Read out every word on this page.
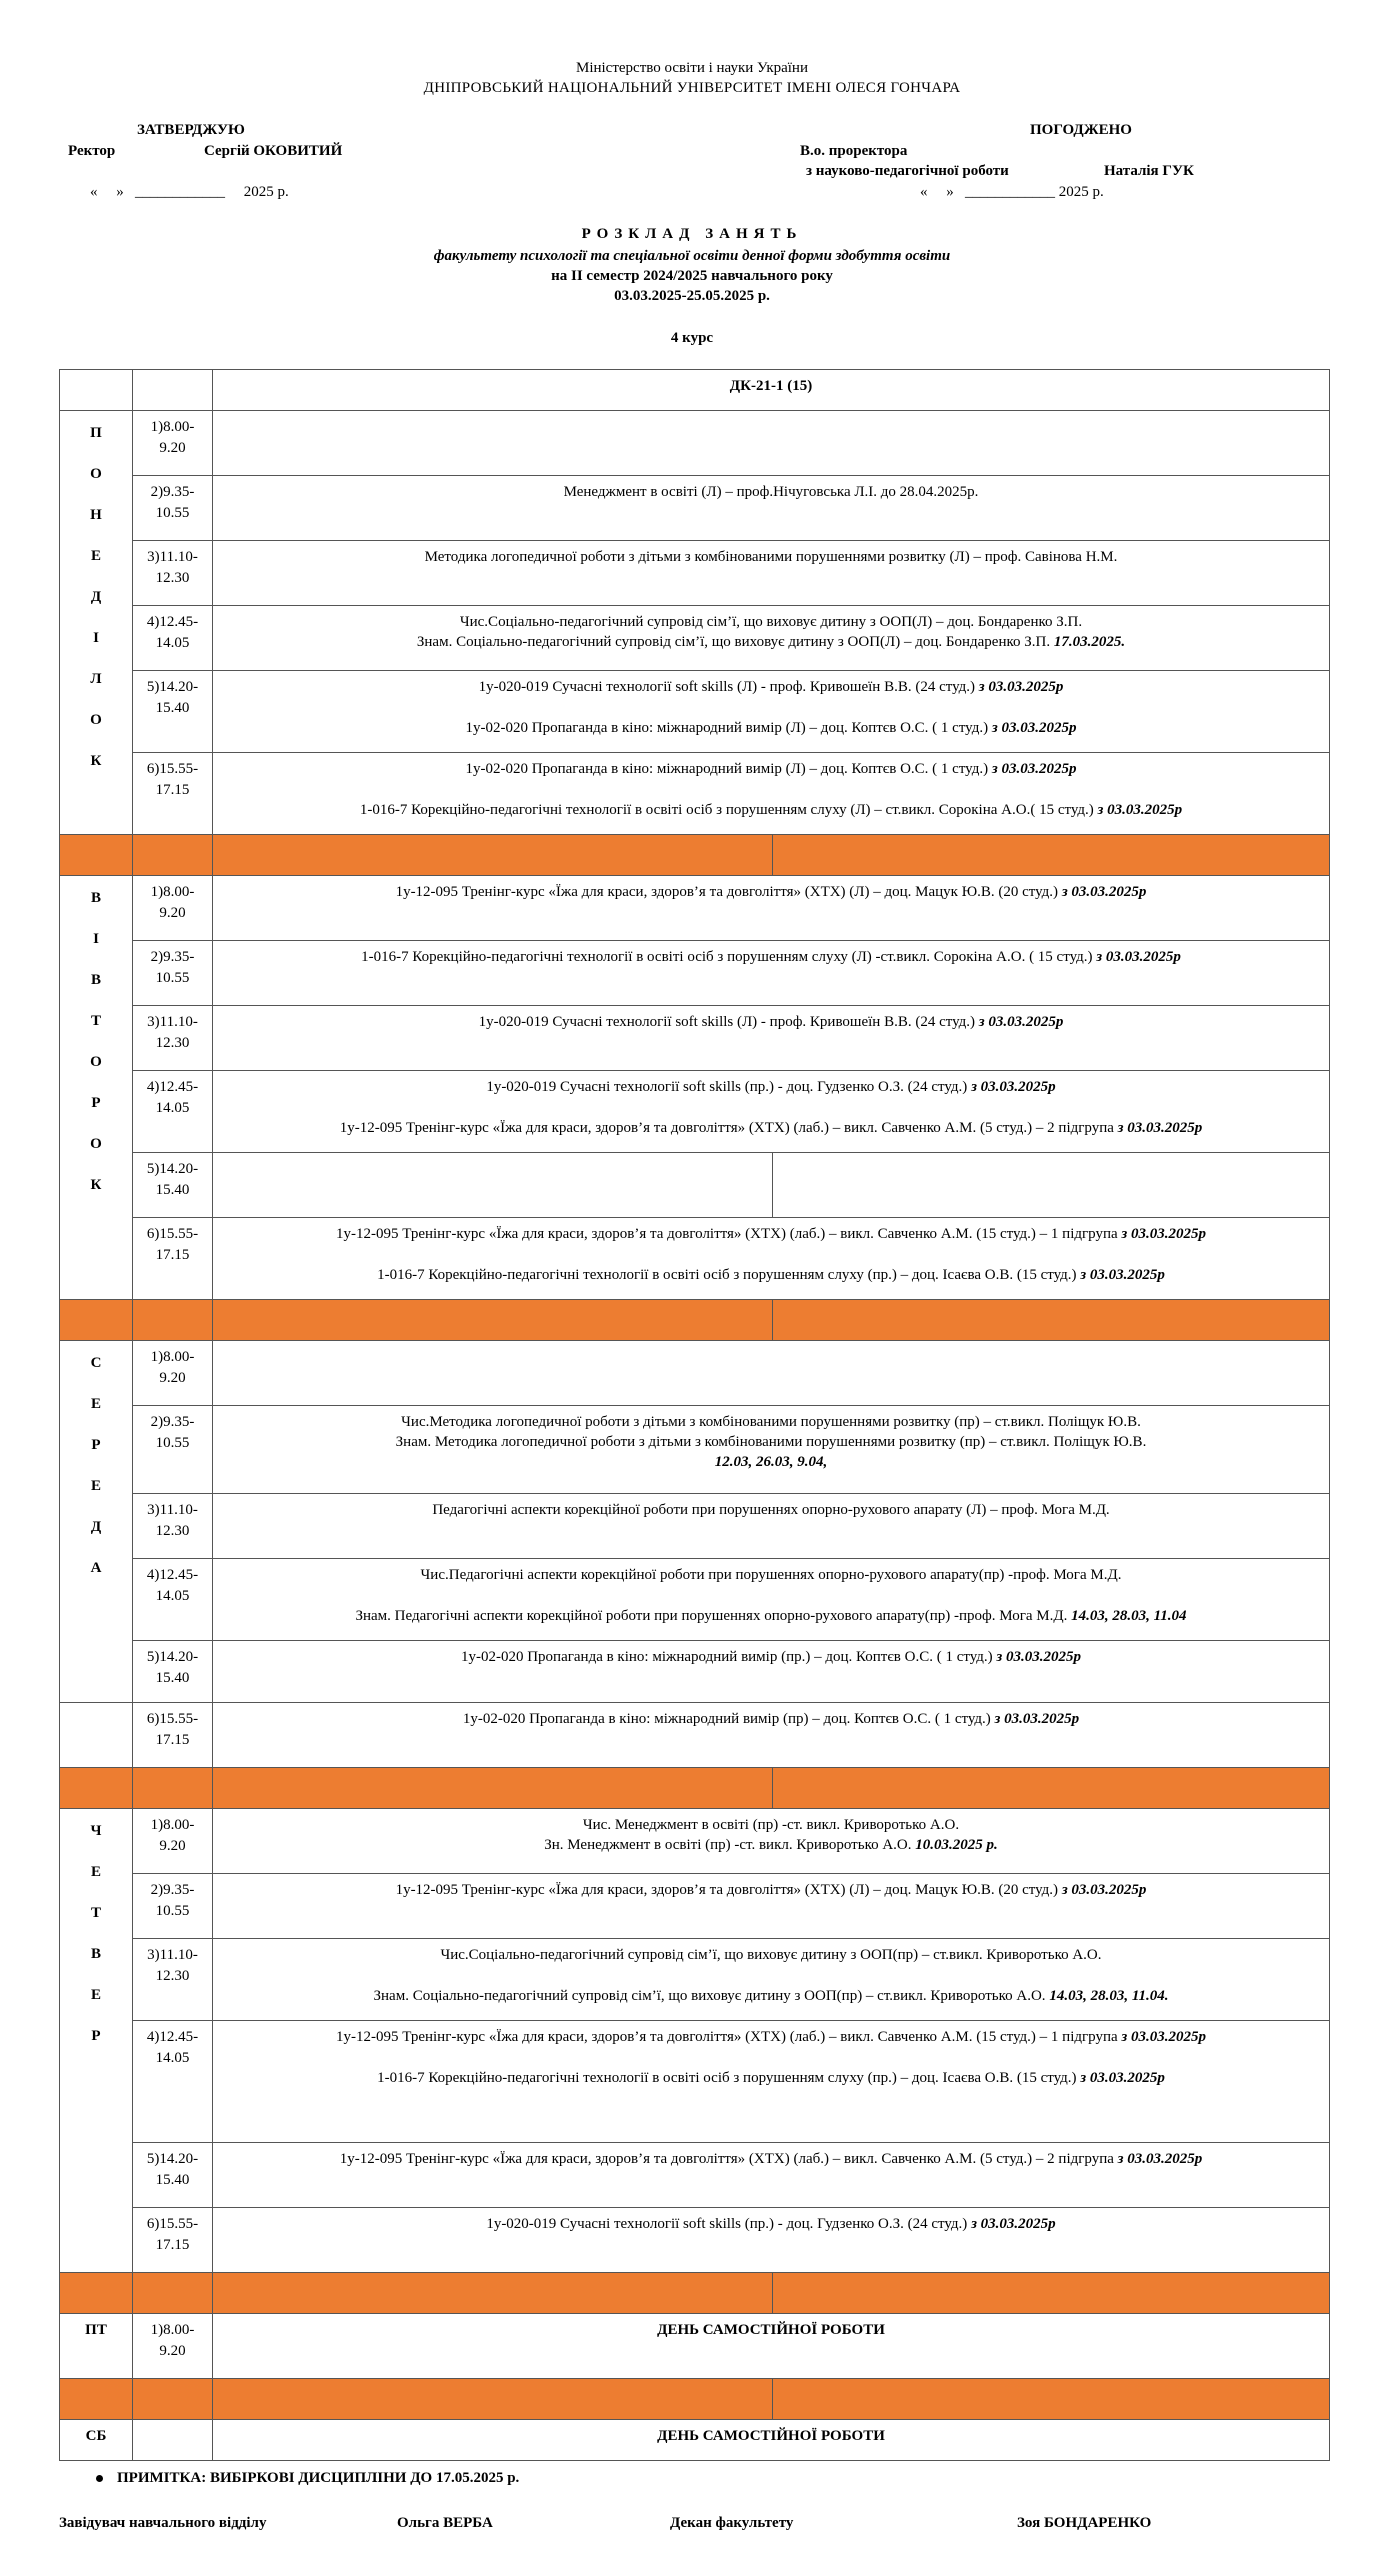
Міністерство освіти і науки України
ДНІПРОВСЬКИЙ НАЦІОНАЛЬНИЙ УНІВЕРСИТЕТ ІМЕНІ ОЛЕСЯ ГОНЧАРА
ЗАТВЕРДЖУЮ
Ректор	Сергій ОКОВИТИЙ
«     »   ____________     2025 р.
ПОГОДЖЕНО
В.о. проректора
з науково-педагогічної роботи	Наталія ГУК
«     »   ____________ 2025 р.
РОЗКЛАД ЗАНЯТЬ
факультету психології та спеціальної освіти денної форми здобуття освіти
на II семестр 2024/2025 навчального року
03.03.2025-25.05.2025 р.
4 курс
		ДК-21-1 (15)	

П О Н Е Д І Л О К	1)8.00-
9.20		

	2)9.35-
10.55	Менеджмент в освіті (Л) – проф.Нічуговська Л.І. до 28.04.2025р.	

	3)11.10-
12.30	Методика логопедичної роботи з дітьми з комбінованими порушеннями розвитку (Л) – проф. Савінова Н.М.	

	4)12.45-
14.05	Чис.Соціально-педагогічний супровід сім’ї, що виховує дитину з ООП(Л) – доц. Бондаренко З.П.
Знам. Соціально-педагогічний супровід сім’ї, що виховує дитину з ООП(Л) – доц. Бондаренко З.П. 17.03.2025.	

	5)14.20-
15.40	1у-020-019 Сучасні технології soft skills (Л) - проф. Кривошеїн В.В. (24 студ.) з 03.03.2025р
1у-02-020 Пропаганда в кіно: міжнародний вимір (Л) – доц. Коптєв О.С. ( 1 студ.) з 03.03.2025р	

	6)15.55-
17.15	1у-02-020 Пропаганда в кіно: міжнародний вимір (Л) – доц. Коптєв О.С. ( 1 студ.) з 03.03.2025р
1-016-7 Корекційно-педагогічні технології в освіті осіб з порушенням слуху (Л) – ст.викл. Сорокіна А.О.( 15 студ.) з 03.03.2025р	

В І В Т О Р О К	1)8.00-
9.20	1у-12-095 Тренінг-курс «Їжа для краси, здоров’я та довголіття» (ХТХ) (Л) – доц. Мацук Ю.В. (20 студ.) з 03.03.2025р	

	2)9.35-
10.55	1-016-7 Корекційно-педагогічні технології в освіті осіб з порушенням слуху (Л) -ст.викл. Сорокіна А.О. ( 15 студ.) з 03.03.2025р	

	3)11.10-
12.30	1у-020-019 Сучасні технології soft skills (Л) - проф. Кривошеїн В.В. (24 студ.) з 03.03.2025р	

	4)12.45-
14.05	1у-020-019 Сучасні технології soft skills (пр.) - доц. Гудзенко О.З. (24 студ.) з 03.03.2025р
1у-12-095 Тренінг-курс «Їжа для краси, здоров’я та довголіття» (ХТХ) (лаб.) – викл. Савченко А.М. (5 студ.) – 2 підгрупа з 03.03.2025р	

	5)14.20-
15.40		

	6)15.55-
17.15	1у-12-095 Тренінг-курс «Їжа для краси, здоров’я та довголіття» (ХТХ) (лаб.) – викл. Савченко А.М. (15 студ.) – 1 підгрупа з 03.03.2025р
1-016-7 Корекційно-педагогічні технології в освіті осіб з порушенням слуху (пр.) – доц. Ісаєва О.В. (15 студ.) з 03.03.2025р	

С Е Р Е Д А	1)8.00-
9.20		

	2)9.35-
10.55	Чис.Методика логопедичної роботи з дітьми з комбінованими порушеннями розвитку (пр) – ст.викл. Поліщук Ю.В.
Знам. Методика логопедичної роботи з дітьми з комбінованими порушеннями розвитку (пр) – ст.викл. Поліщук Ю.В.
12.03, 26.03, 9.04,	

	3)11.10-
12.30	Педагогічні аспекти корекційної роботи при порушеннях опорно-рухового апарату (Л) – проф. Мога М.Д.	

	4)12.45-
14.05	Чис.Педагогічні аспекти корекційної роботи при порушеннях опорно-рухового апарату(пр) -проф. Мога М.Д.
Знам. Педагогічні аспекти корекційної роботи при порушеннях опорно-рухового апарату(пр) -проф. Мога М.Д. 14.03, 28.03, 11.04	

	5)14.20-
15.40	1у-02-020 Пропаганда в кіно: міжнародний вимір (пр.) – доц. Коптєв О.С. ( 1 студ.) з 03.03.2025р	

	6)15.55-
17.15	1у-02-020 Пропаганда в кіно: міжнародний вимір (пр) – доц. Коптєв О.С. ( 1 студ.) з 03.03.2025р	

Ч Е Т В Е Р	1)8.00-
9.20	Чис. Менеджмент в освіті (пр) -ст. викл. Криворотько А.О.
Зн. Менеджмент в освіті (пр) -ст. викл. Криворотько А.О. 10.03.2025 р.	

	2)9.35-
10.55	1у-12-095 Тренінг-курс «Їжа для краси, здоров’я та довголіття» (ХТХ) (Л) – доц. Мацук Ю.В. (20 студ.) з 03.03.2025р	

	3)11.10-
12.30	Чис.Соціально-педагогічний супровід сім’ї, що виховує дитину з ООП(пр) – ст.викл. Криворотько А.О.
Знам. Соціально-педагогічний супровід сім’ї, що виховує дитину з ООП(пр) – ст.викл. Криворотько А.О. 14.03, 28.03, 11.04.	

	4)12.45-
14.05	1у-12-095 Тренінг-курс «Їжа для краси, здоров’я та довголіття» (ХТХ) (лаб.) – викл. Савченко А.М. (15 студ.) – 1 підгрупа з 03.03.2025р
1-016-7 Корекційно-педагогічні технології в освіті осіб з порушенням слуху (пр.) – доц. Ісаєва О.В. (15 студ.) з 03.03.2025р	

	5)14.20-
15.40	1у-12-095 Тренінг-курс «Їжа для краси, здоров’я та довголіття» (ХТХ) (лаб.) – викл. Савченко А.М. (5 студ.) – 2 підгрупа з 03.03.2025р	

	6)15.55-
17.15	1у-020-019 Сучасні технології soft skills (пр.) - доц. Гудзенко О.З. (24 студ.) з 03.03.2025р	

ПТ	1)8.00-
9.20	ДЕНЬ САМОСТІЙНОЇ РОБОТИ	

СБ		ДЕНЬ САМОСТІЙНОЇ РОБОТИ	
ПРИМІТКА: ВИБІРКОВІ ДИСЦИПЛІНИ ДО 17.05.2025 р.
Завідувач навчального відділу	Ольга ВЕРБА	Декан факультету	Зоя БОНДАРЕНКО
